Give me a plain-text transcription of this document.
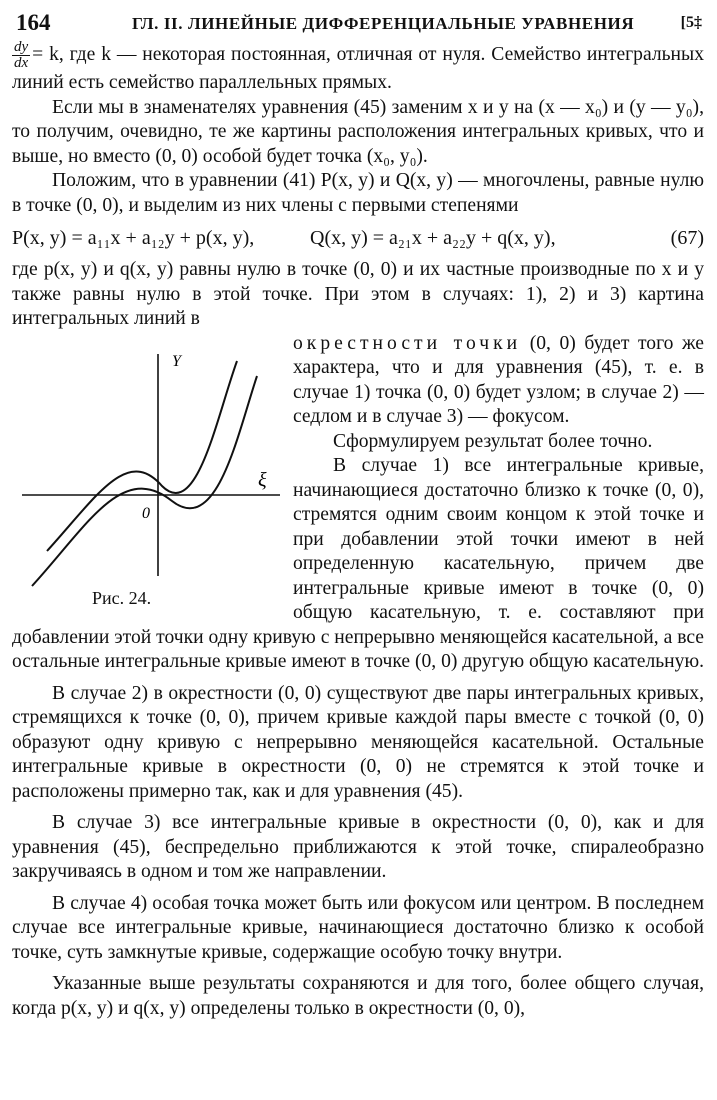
164	ГЛ. II. ЛИНЕЙНЫЕ ДИФФЕРЕНЦИАЛЬНЫЕ УРАВНЕНИЯ	[5‡

$\frac{dy}{dx} = k$, где k — некоторая постоянная, отличная от нуля. Семейство интегральных линий есть семейство параллельных прямых.

Если мы в знаменателях уравнения (45) заменим x и y на (x — x₀) и (y — y₀), то получим, очевидно, те же картины расположения интегральных кривых, что и выше, но вместо (0, 0) особой будет точка (x₀, y₀).

Положим, что в уравнении (41) P(x, y) и Q(x, y) — многочлены, равные нулю в точке (0, 0), и выделим из них члены с первыми степенями

P(x, y) = a₁₁x + a₁₂y + p(x, y),	Q(x, y) = a₂₁x + a₂₂y + q(x, y),	(67)

где p(x, y) и q(x, y) равны нулю в точке (0, 0) и их частные производные по x и y также равны нулю в этой точке. При этом в случаях: 1), 2) и 3) картина интегральных линий в

Y
ξ
0
Рис. 24.

окрестности точки (0, 0) будет того же характера, что и для уравнения (45), т. е. в случае 1) точка (0, 0) будет узлом; в случае 2) — седлом и в случае 3) — фокусом.

Сформулируем результат более точно.

В случае 1) все интегральные кривые, начинающиеся достаточно близко к точке (0, 0), стремятся одним своим концом к этой точке и при добавлении этой точки имеют в ней определенную касательную, причем две интегральные кривые имеют в точке (0, 0) общую касательную, т. е. составляют при добавлении этой точки одну кривую с непрерывно меняющейся касательной, а все остальные интегральные кривые имеют в точке (0, 0) другую общую касательную.

В случае 2) в окрестности (0, 0) существуют две пары интегральных кривых, стремящихся к точке (0, 0), причем кривые каждой пары вместе с точкой (0, 0) образуют одну кривую с непрерывно меняющейся касательной. Остальные интегральные кривые в окрестности (0, 0) не стремятся к этой точке и расположены примерно так, как и для уравнения (45).

В случае 3) все интегральные кривые в окрестности (0, 0), как и для уравнения (45), беспредельно приближаются к этой точке, спиралеобразно закручиваясь в одном и том же направлении.

В случае 4) особая точка может быть или фокусом или центром. В последнем случае все интегральные кривые, начинающиеся достаточно близко к особой точке, суть замкнутые кривые, содержащие особую точку внутри.

Указанные выше результаты сохраняются и для того, более общего случая, когда p(x, y) и q(x, y) определены только в окрестности (0, 0),
